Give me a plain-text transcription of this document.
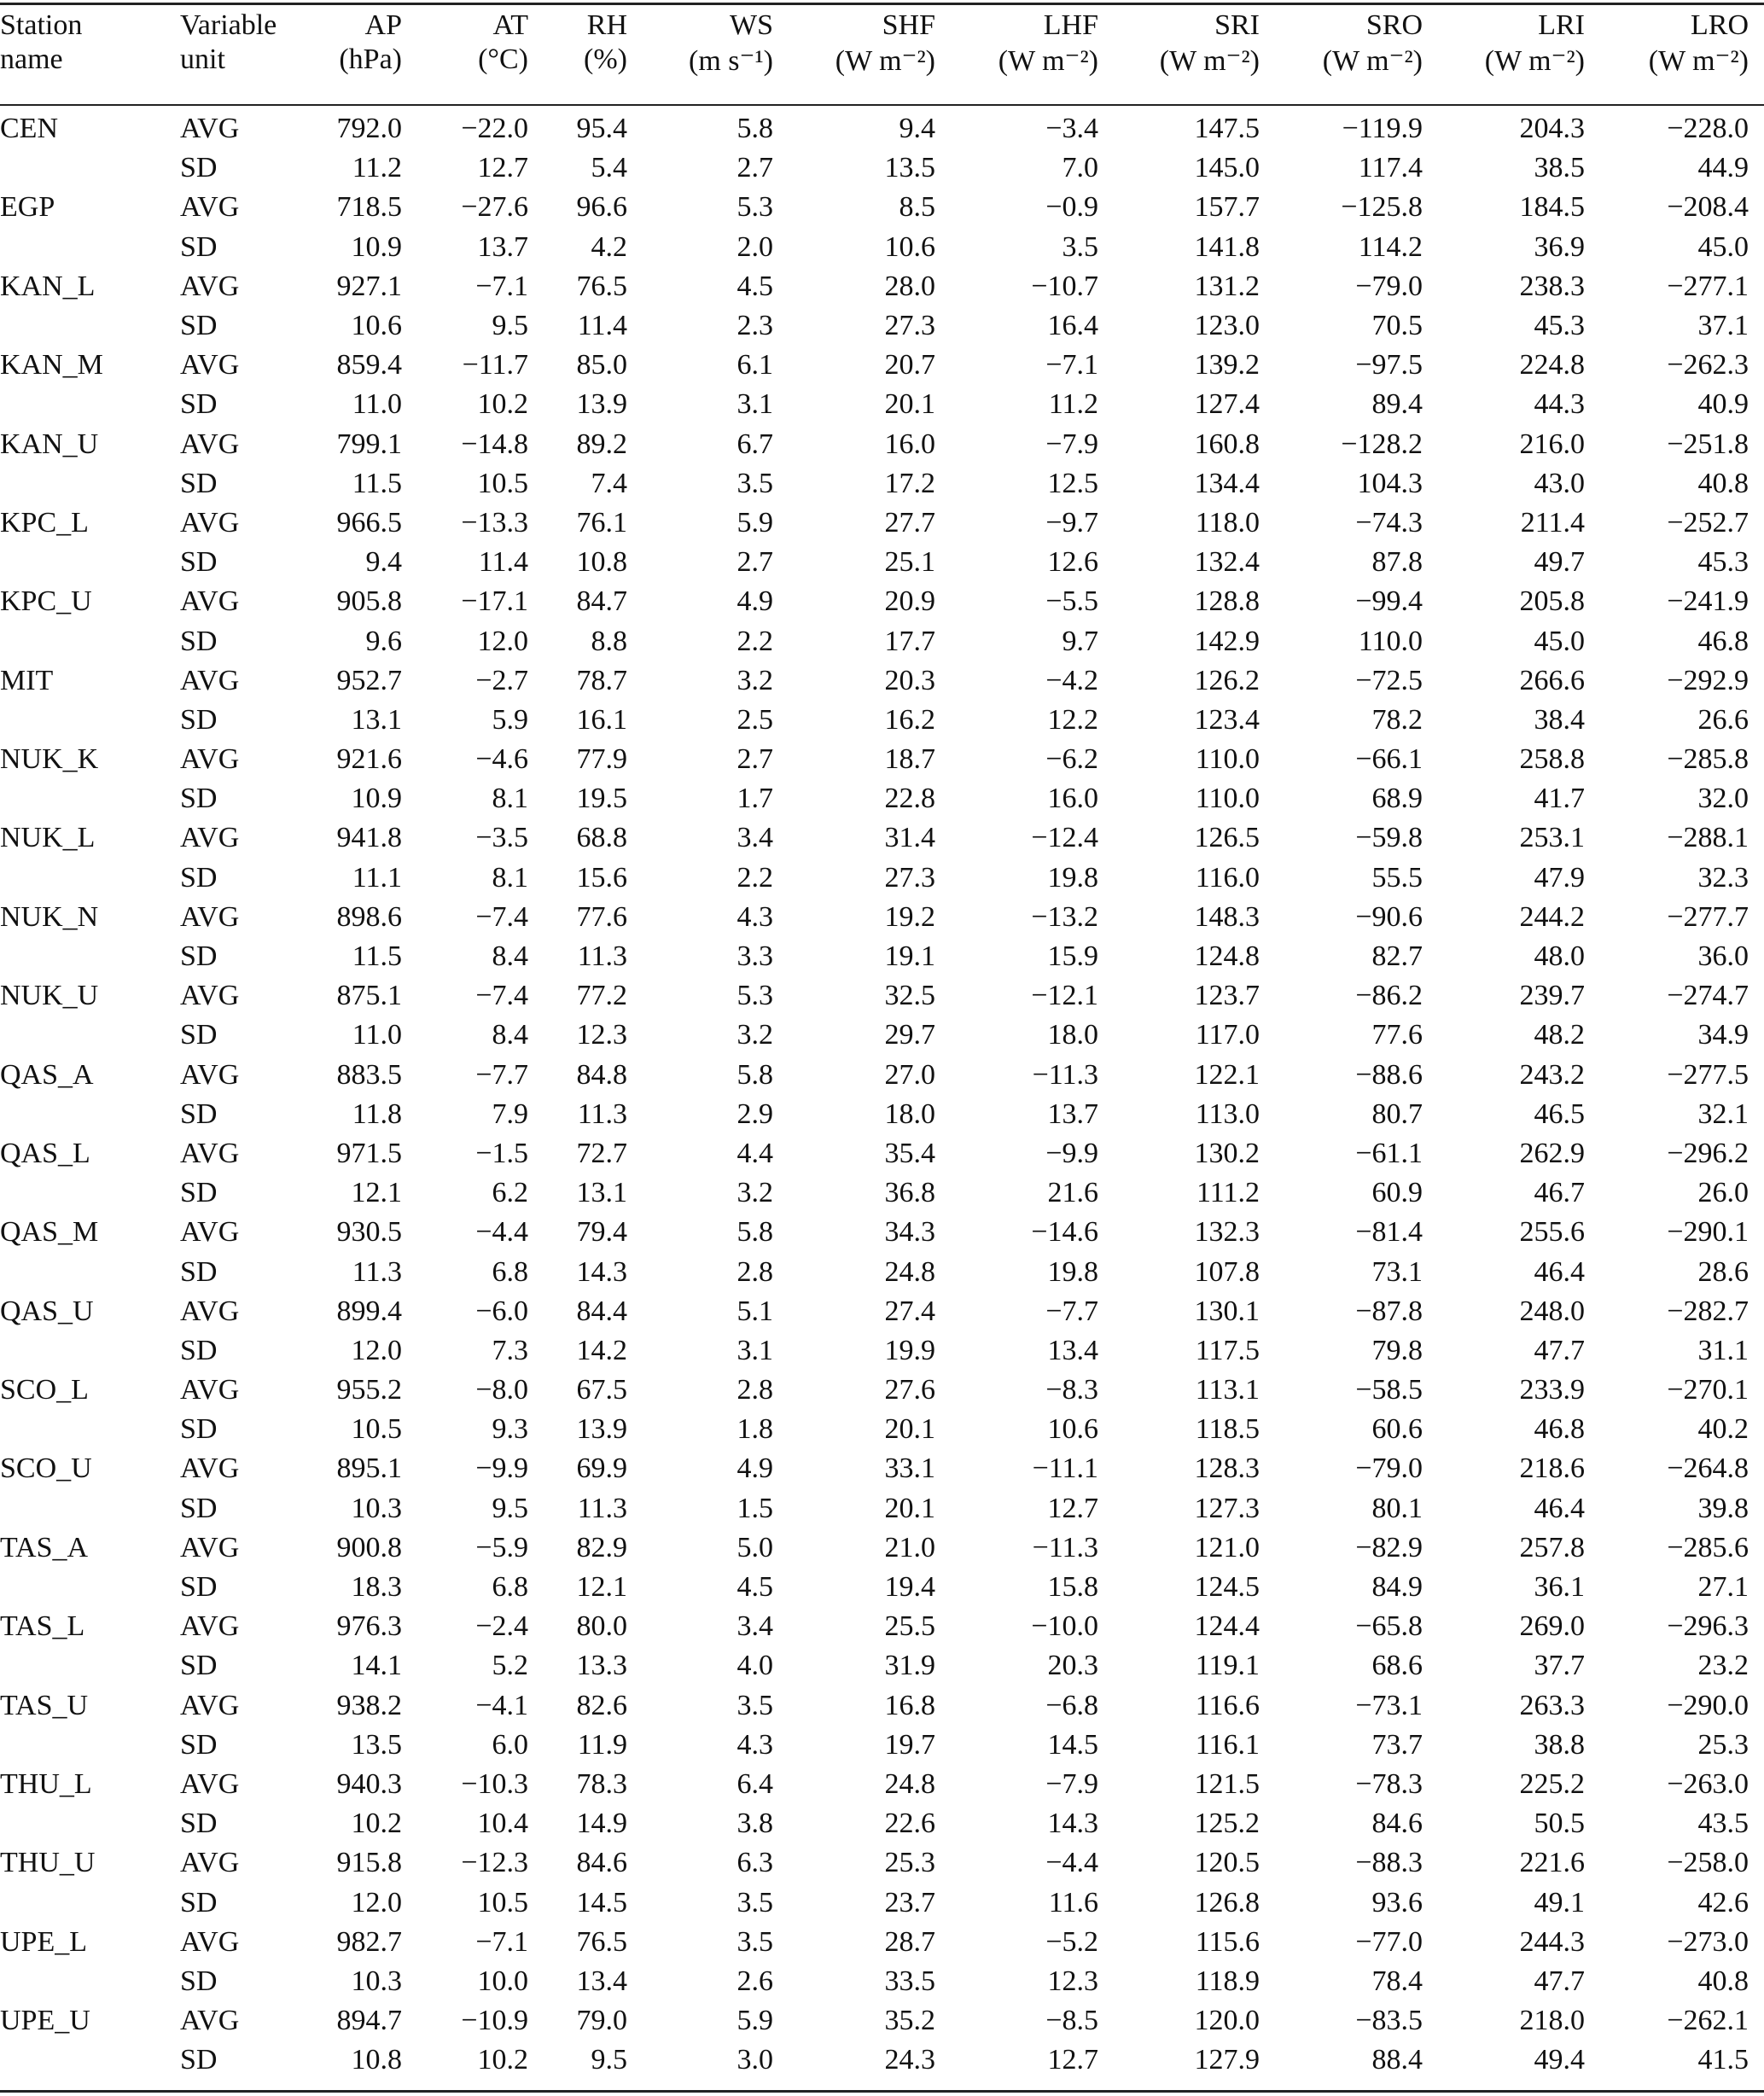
Station	Variable	AP	AT	RH	WS	SHF	LHF	SRI	SRO	LRI	LRO	
name	unit	(hPa)	(°C)	(%)	(m s⁻¹)	(W m⁻²)	(W m⁻²)	(W m⁻²)	(W m⁻²)	(W m⁻²)	(W m⁻²)	

CEN	AVG	792.0	−22.0	95.4	5.8	9.4	−3.4	147.5	−119.9	204.3	−228.0	
	SD	11.2	12.7	5.4	2.7	13.5	7.0	145.0	117.4	38.5	44.9	
EGP	AVG	718.5	−27.6	96.6	5.3	8.5	−0.9	157.7	−125.8	184.5	−208.4	
	SD	10.9	13.7	4.2	2.0	10.6	3.5	141.8	114.2	36.9	45.0	
KAN_L	AVG	927.1	−7.1	76.5	4.5	28.0	−10.7	131.2	−79.0	238.3	−277.1	
	SD	10.6	9.5	11.4	2.3	27.3	16.4	123.0	70.5	45.3	37.1	
KAN_M	AVG	859.4	−11.7	85.0	6.1	20.7	−7.1	139.2	−97.5	224.8	−262.3	
	SD	11.0	10.2	13.9	3.1	20.1	11.2	127.4	89.4	44.3	40.9	
KAN_U	AVG	799.1	−14.8	89.2	6.7	16.0	−7.9	160.8	−128.2	216.0	−251.8	
	SD	11.5	10.5	7.4	3.5	17.2	12.5	134.4	104.3	43.0	40.8	
KPC_L	AVG	966.5	−13.3	76.1	5.9	27.7	−9.7	118.0	−74.3	211.4	−252.7	
	SD	9.4	11.4	10.8	2.7	25.1	12.6	132.4	87.8	49.7	45.3	
KPC_U	AVG	905.8	−17.1	84.7	4.9	20.9	−5.5	128.8	−99.4	205.8	−241.9	
	SD	9.6	12.0	8.8	2.2	17.7	9.7	142.9	110.0	45.0	46.8	
MIT	AVG	952.7	−2.7	78.7	3.2	20.3	−4.2	126.2	−72.5	266.6	−292.9	
	SD	13.1	5.9	16.1	2.5	16.2	12.2	123.4	78.2	38.4	26.6	
NUK_K	AVG	921.6	−4.6	77.9	2.7	18.7	−6.2	110.0	−66.1	258.8	−285.8	
	SD	10.9	8.1	19.5	1.7	22.8	16.0	110.0	68.9	41.7	32.0	
NUK_L	AVG	941.8	−3.5	68.8	3.4	31.4	−12.4	126.5	−59.8	253.1	−288.1	
	SD	11.1	8.1	15.6	2.2	27.3	19.8	116.0	55.5	47.9	32.3	
NUK_N	AVG	898.6	−7.4	77.6	4.3	19.2	−13.2	148.3	−90.6	244.2	−277.7	
	SD	11.5	8.4	11.3	3.3	19.1	15.9	124.8	82.7	48.0	36.0	
NUK_U	AVG	875.1	−7.4	77.2	5.3	32.5	−12.1	123.7	−86.2	239.7	−274.7	
	SD	11.0	8.4	12.3	3.2	29.7	18.0	117.0	77.6	48.2	34.9	
QAS_A	AVG	883.5	−7.7	84.8	5.8	27.0	−11.3	122.1	−88.6	243.2	−277.5	
	SD	11.8	7.9	11.3	2.9	18.0	13.7	113.0	80.7	46.5	32.1	
QAS_L	AVG	971.5	−1.5	72.7	4.4	35.4	−9.9	130.2	−61.1	262.9	−296.2	
	SD	12.1	6.2	13.1	3.2	36.8	21.6	111.2	60.9	46.7	26.0	
QAS_M	AVG	930.5	−4.4	79.4	5.8	34.3	−14.6	132.3	−81.4	255.6	−290.1	
	SD	11.3	6.8	14.3	2.8	24.8	19.8	107.8	73.1	46.4	28.6	
QAS_U	AVG	899.4	−6.0	84.4	5.1	27.4	−7.7	130.1	−87.8	248.0	−282.7	
	SD	12.0	7.3	14.2	3.1	19.9	13.4	117.5	79.8	47.7	31.1	
SCO_L	AVG	955.2	−8.0	67.5	2.8	27.6	−8.3	113.1	−58.5	233.9	−270.1	
	SD	10.5	9.3	13.9	1.8	20.1	10.6	118.5	60.6	46.8	40.2	
SCO_U	AVG	895.1	−9.9	69.9	4.9	33.1	−11.1	128.3	−79.0	218.6	−264.8	
	SD	10.3	9.5	11.3	1.5	20.1	12.7	127.3	80.1	46.4	39.8	
TAS_A	AVG	900.8	−5.9	82.9	5.0	21.0	−11.3	121.0	−82.9	257.8	−285.6	
	SD	18.3	6.8	12.1	4.5	19.4	15.8	124.5	84.9	36.1	27.1	
TAS_L	AVG	976.3	−2.4	80.0	3.4	25.5	−10.0	124.4	−65.8	269.0	−296.3	
	SD	14.1	5.2	13.3	4.0	31.9	20.3	119.1	68.6	37.7	23.2	
TAS_U	AVG	938.2	−4.1	82.6	3.5	16.8	−6.8	116.6	−73.1	263.3	−290.0	
	SD	13.5	6.0	11.9	4.3	19.7	14.5	116.1	73.7	38.8	25.3	
THU_L	AVG	940.3	−10.3	78.3	6.4	24.8	−7.9	121.5	−78.3	225.2	−263.0	
	SD	10.2	10.4	14.9	3.8	22.6	14.3	125.2	84.6	50.5	43.5	
THU_U	AVG	915.8	−12.3	84.6	6.3	25.3	−4.4	120.5	−88.3	221.6	−258.0	
	SD	12.0	10.5	14.5	3.5	23.7	11.6	126.8	93.6	49.1	42.6	
UPE_L	AVG	982.7	−7.1	76.5	3.5	28.7	−5.2	115.6	−77.0	244.3	−273.0	
	SD	10.3	10.0	13.4	2.6	33.5	12.3	118.9	78.4	47.7	40.8	
UPE_U	AVG	894.7	−10.9	79.0	5.9	35.2	−8.5	120.0	−83.5	218.0	−262.1	
	SD	10.8	10.2	9.5	3.0	24.3	12.7	127.9	88.4	49.4	41.5	
